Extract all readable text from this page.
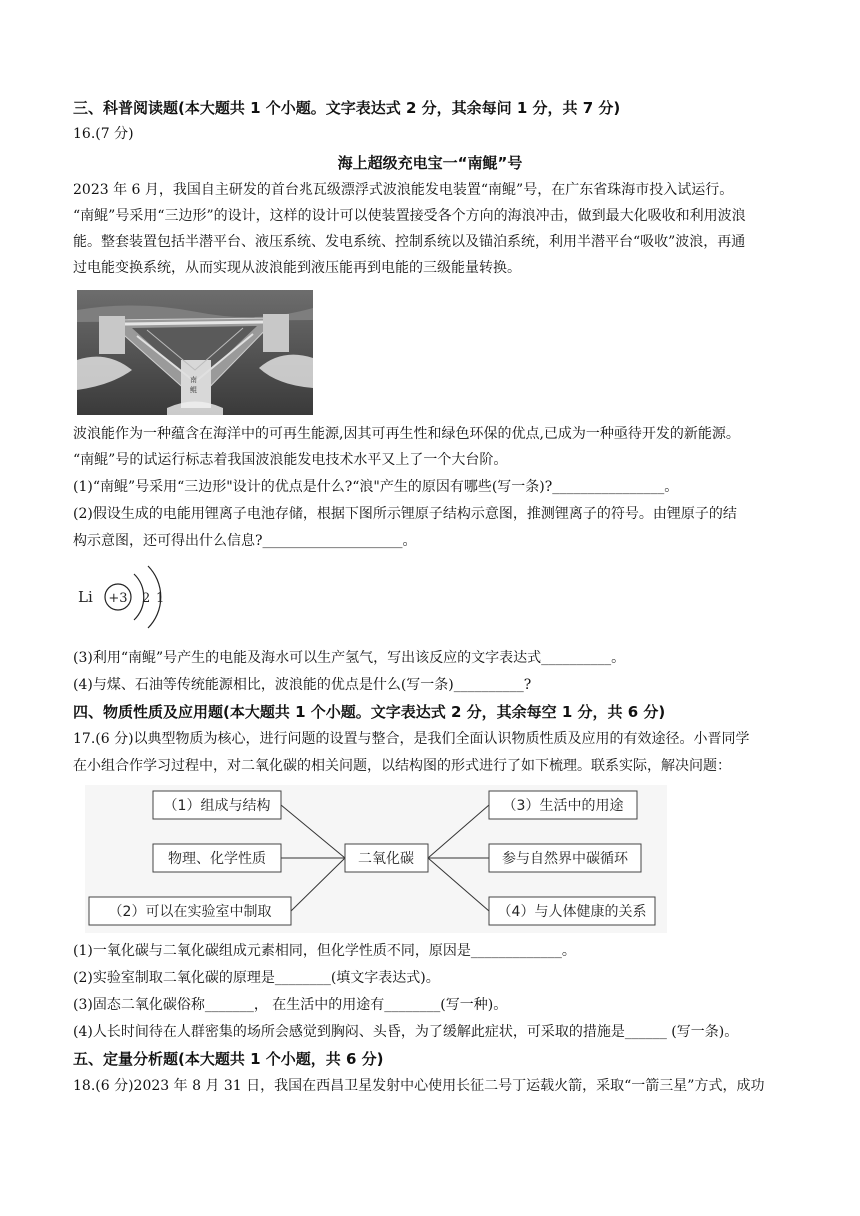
三、科普阅读题(本大题共 1 个小题。文字表达式 2 分，其余每问 1 分，共 7 分)
16.(7 分)
海上超级充电宝一“南鲲”号
2023 年 6 月，我国自主研发的首台兆瓦级漂浮式波浪能发电装置“南鲲”号，在广东省珠海市投入试运行。
“南鲲”号采用“三边形”的设计，这样的设计可以使装置接受各个方向的海浪冲击，做到最大化吸收和利用波浪
能。整套装置包括半潜平台、液压系统、发电系统、控制系统以及锚泊系统，利用半潜平台“吸收”波浪，再通
过电能变换系统，从而实现从波浪能到液压能再到电能的三级能量转换。
南
鲲
波浪能作为一种蕴含在海洋中的可再生能源,因其可再生性和绿色环保的优点,已成为一种亟待开发的新能源。
“南鲲”号的试运行标志着我国波浪能发电技术水平又上了一个大台阶。
(1)“南鲲”号采用“三边形"设计的优点是什么?“浪"产生的原因有哪些(写一条)?________________。
(2)假设生成的电能用锂离子电池存储，根据下图所示锂原子结构示意图，推测锂离子的符号。由锂原子的结
构示意图，还可得出什么信息?____________________。
Li +3 2 1
(3)利用“南鲲”号产生的电能及海水可以生产氢气，写出该反应的文字表达式__________。
(4)与煤、石油等传统能源相比，波浪能的优点是什么(写一条)__________?
四、物质性质及应用题(本大题共 1 个小题。文字表达式 2 分，其余每空 1 分，共 6 分)
17.(6 分)以典型物质为核心，进行问题的设置与整合，是我们全面认识物质性质及应用的有效途径。小晋同学
在小组合作学习过程中，对二氧化碳的相关问题，以结构图的形式进行了如下梳理。联系实际，解决问题：
（1）组成与结构
物理、化学性质
（2）可以在实验室中制取
二氧化碳
（3）生活中的用途
参与自然界中碳循环
（4）与人体健康的关系
(1)一氧化碳与二氧化碳组成元素相同，但化学性质不同，原因是_____________。
(2)实验室制取二氧化碳的原理是________(填文字表达式)。
(3)固态二氧化碳俗称_______， 在生活中的用途有________(写一种)。
(4)人长时间待在人群密集的场所会感觉到胸闷、头昏，为了缓解此症状，可采取的措施是______ (写一条)。
五、定量分析题(本大题共 1 个小题，共 6 分)
18.(6 分)2023 年 8 月 31 日，我国在西昌卫星发射中心使用长征二号丁运载火箭，采取“一箭三星”方式，成功
